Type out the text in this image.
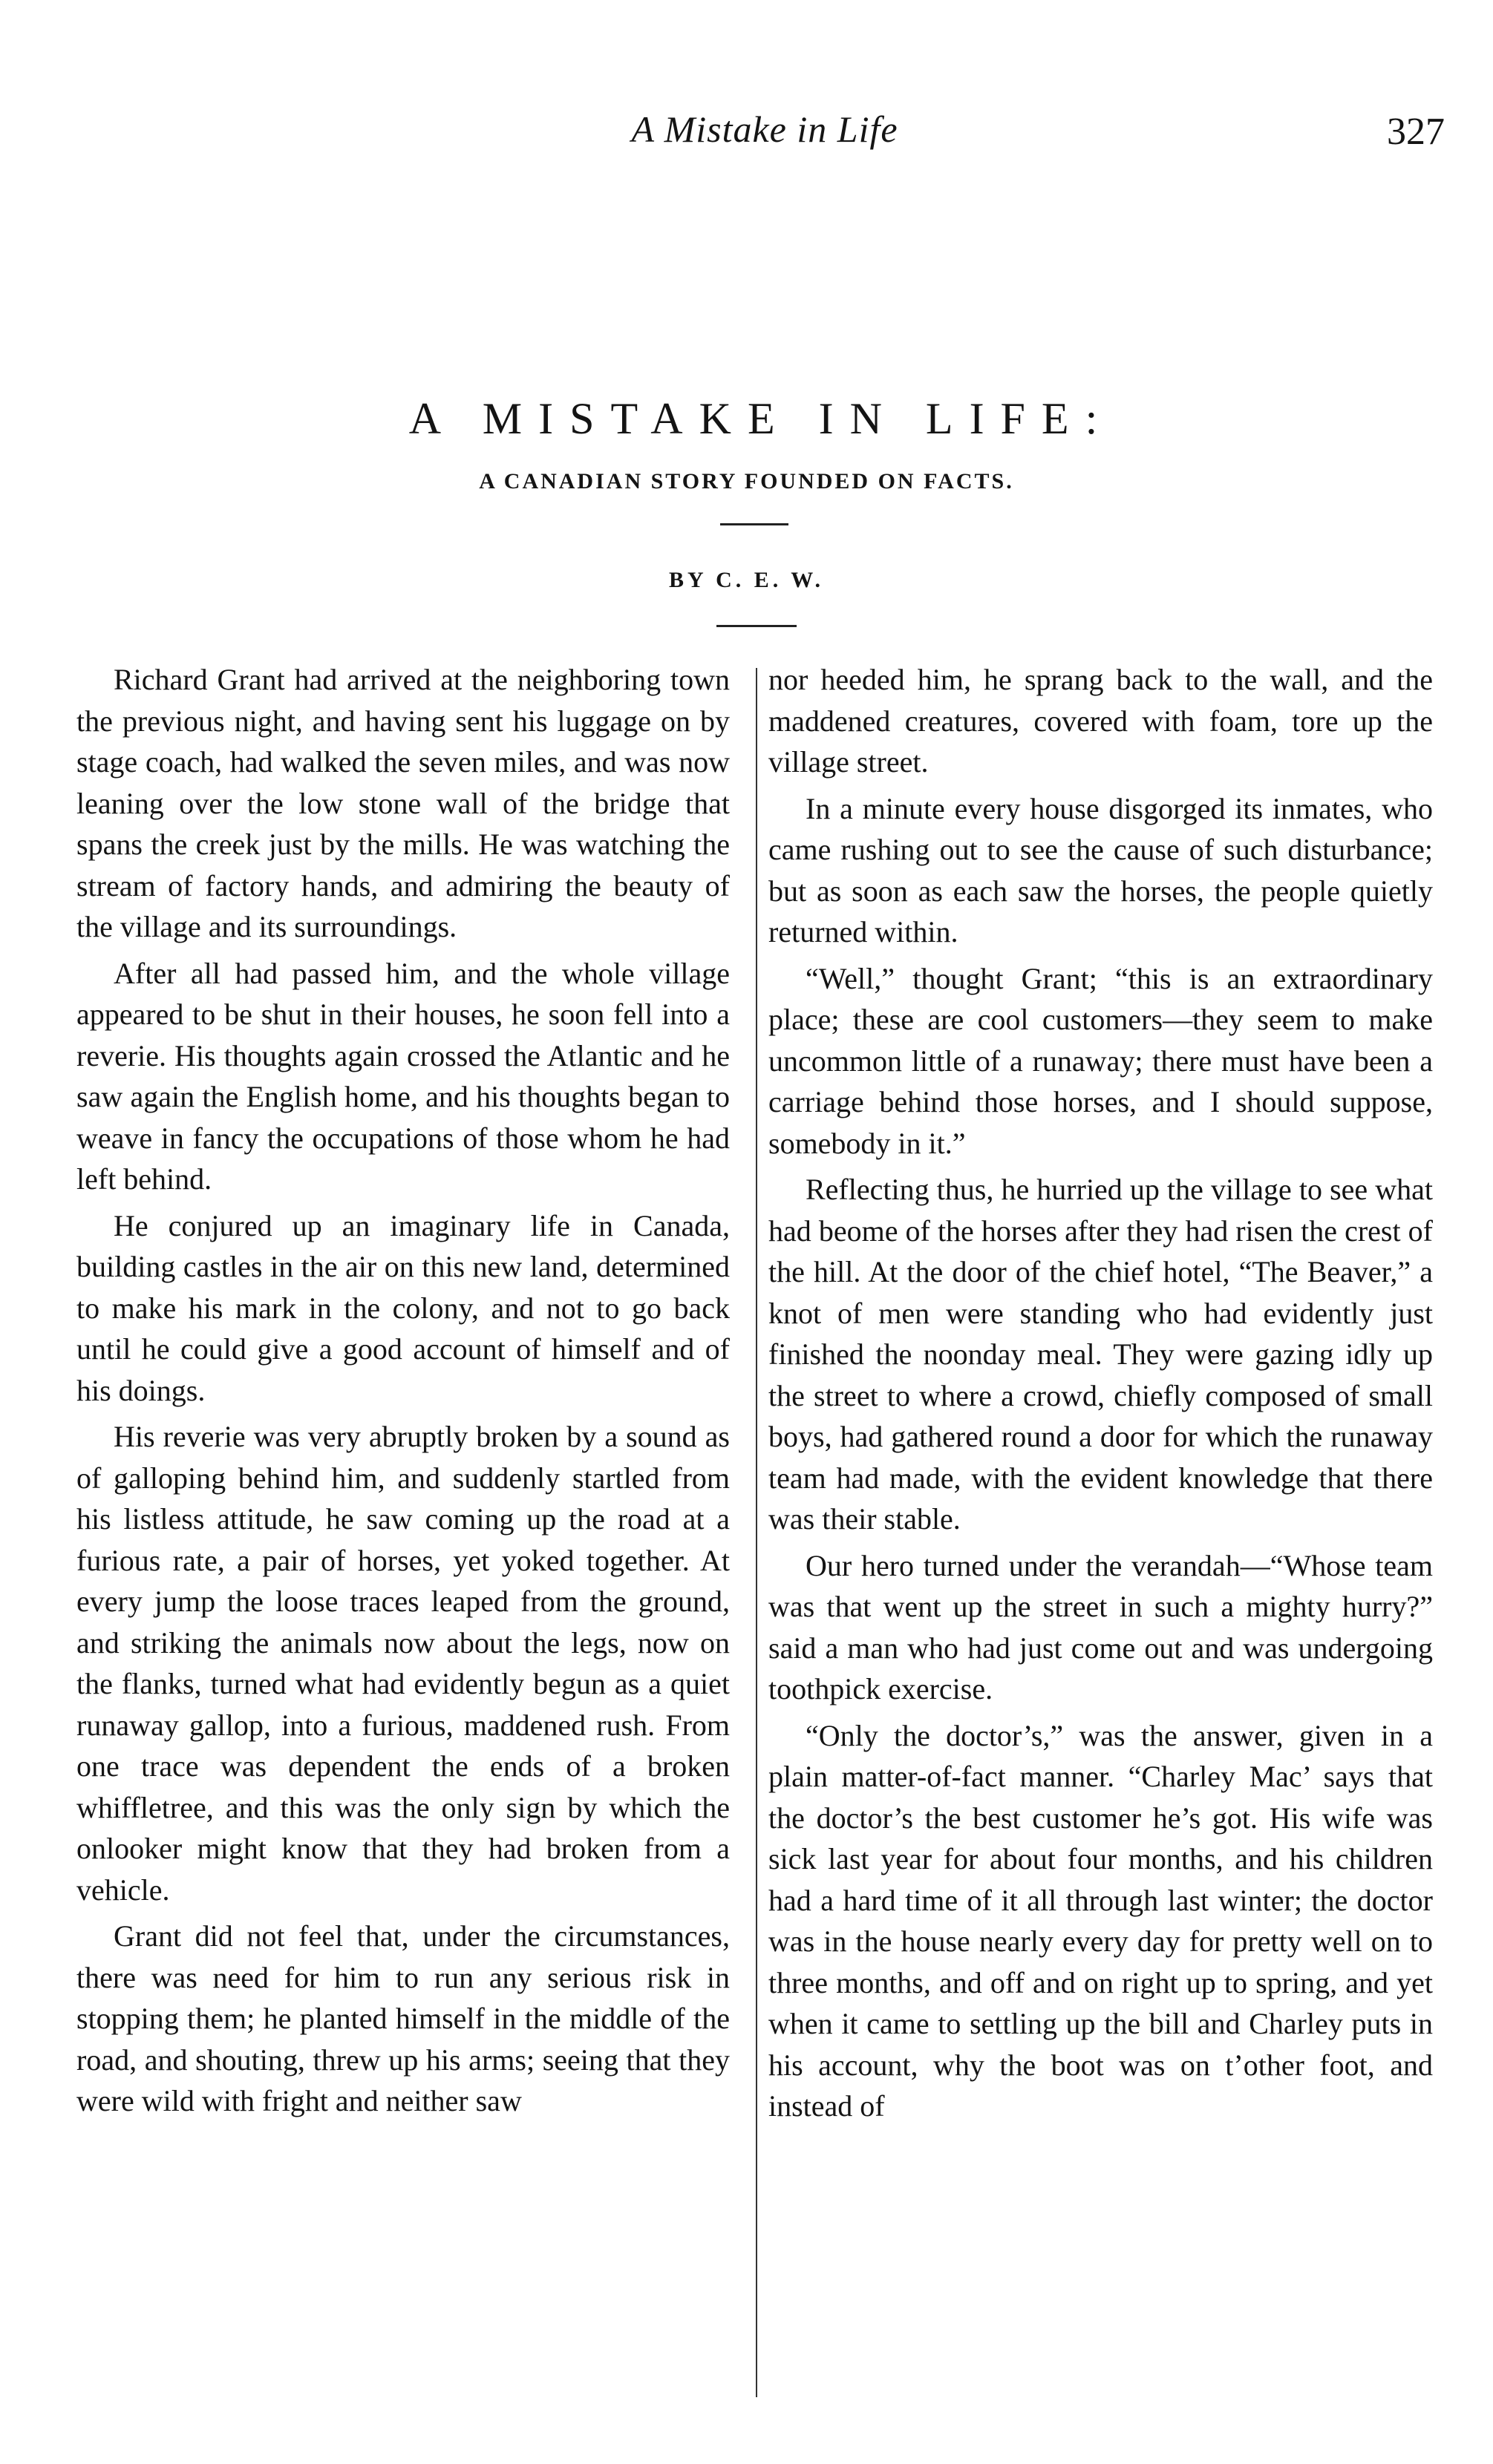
A Mistake in Life	327
A MISTAKE IN LIFE:
A CANADIAN STORY FOUNDED ON FACTS.
BY C. E. W.

Richard Grant had arrived at the neighboring town the previous night, and having sent his luggage on by stage coach, had walked the seven miles, and was now leaning over the low stone wall of the bridge that spans the creek just by the mills. He was watching the stream of factory hands, and admiring the beauty of the village and its surroundings.

After all had passed him, and the whole village appeared to be shut in their houses, he soon fell into a reverie. His thoughts again crossed the Atlantic and he saw again the English home, and his thoughts began to weave in fancy the occupations of those whom he had left behind.

He conjured up an imaginary life in Canada, building castles in the air on this new land, determined to make his mark in the colony, and not to go back until he could give a good account of himself and of his doings.

His reverie was very abruptly broken by a sound as of galloping behind him, and suddenly startled from his listless attitude, he saw coming up the road at a furious rate, a pair of horses, yet yoked together. At every jump the loose traces leaped from the ground, and striking the animals now about the legs, now on the flanks, turned what had evidently begun as a quiet runaway gallop, into a furious, maddened rush. From one trace was dependent the ends of a broken whiffletree, and this was the only sign by which the onlooker might know that they had broken from a vehicle.

Grant did not feel that, under the circumstances, there was need for him to run any serious risk in stopping them; he planted himself in the middle of the road, and shouting, threw up his arms; seeing that they were wild with fright and neither saw

nor heeded him, he sprang back to the wall, and the maddened creatures, covered with foam, tore up the village street.

In a minute every house disgorged its inmates, who came rushing out to see the cause of such disturbance; but as soon as each saw the horses, the people quietly returned within.

“Well,” thought Grant; “this is an extraordinary place; these are cool customers—they seem to make uncommon little of a runaway; there must have been a carriage behind those horses, and I should suppose, somebody in it.”

Reflecting thus, he hurried up the village to see what had beome of the horses after they had risen the crest of the hill. At the door of the chief hotel, “The Beaver,” a knot of men were standing who had evidently just finished the noonday meal. They were gazing idly up the street to where a crowd, chiefly composed of small boys, had gathered round a door for which the runaway team had made, with the evident knowledge that there was their stable.

Our hero turned under the verandah—“Whose team was that went up the street in such a mighty hurry?” said a man who had just come out and was undergoing toothpick exercise.

“Only the doctor’s,” was the answer, given in a plain matter-of-fact manner. “Charley Mac’ says that the doctor’s the best customer he’s got. His wife was sick last year for about four months, and his children had a hard time of it all through last winter; the doctor was in the house nearly every day for pretty well on to three months, and off and on right up to spring, and yet when it came to settling up the bill and Charley puts in his account, why the boot was on t’other foot, and instead of
